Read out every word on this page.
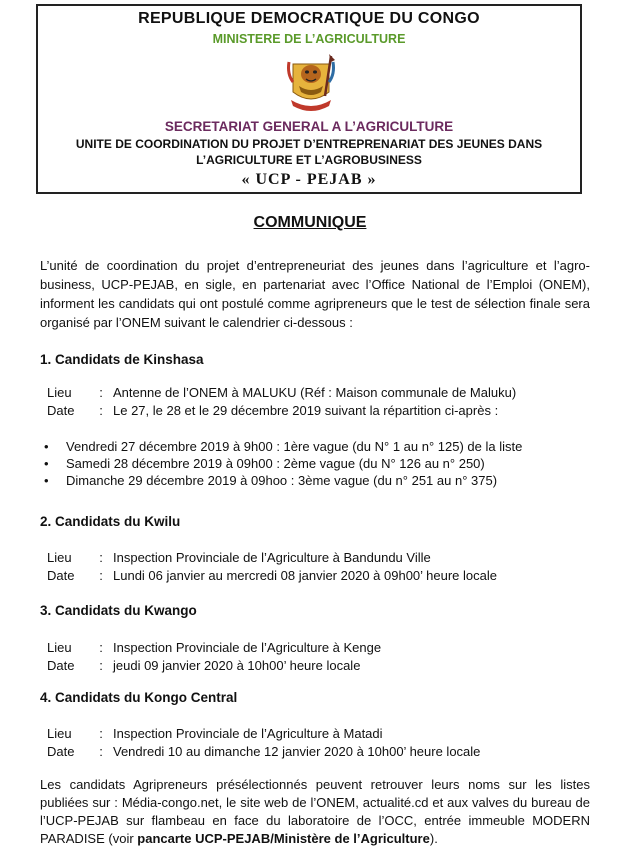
REPUBLIQUE DEMOCRATIQUE DU CONGO
MINISTERE DE L’AGRICULTURE
SECRETARIAT GENERAL A L’AGRICULTURE
UNITE DE COORDINATION DU PROJET D’ENTREPRENARIAT DES JEUNES DANS
L’AGRICULTURE ET L’AGROBUSINESS
« UCP - PEJAB »
COMMUNIQUE

L’unité de coordination du projet d’entrepreneuriat des jeunes dans l’agriculture et l’agro-business, UCP-PEJAB, en sigle, en partenariat avec l’Office National de l’Emploi (ONEM), informent les candidats qui ont postulé comme agripreneurs que le test de sélection finale sera organisé par l’ONEM suivant le calendrier ci-dessous :

1. Candidats de Kinshasa
Lieu : Antenne de l’ONEM à MALUKU (Réf : Maison communale de Maluku)
Date : Le 27, le 28 et le 29 décembre 2019 suivant la répartition ci-après :
• Vendredi 27 décembre 2019 à 9h00 : 1ère vague (du N° 1 au n° 125) de la liste
• Samedi 28 décembre 2019 à 09h00 : 2ème vague (du N° 126 au n° 250)
• Dimanche 29 décembre 2019 à 09hoo : 3ème vague (du n° 251 au n° 375)
2. Candidats du Kwilu
Lieu : Inspection Provinciale de l’Agriculture à Bandundu Ville
Date : Lundi 06 janvier au mercredi 08 janvier 2020 à 09h00’ heure locale
3. Candidats du Kwango
Lieu : Inspection Provinciale de l’Agriculture à Kenge
Date : jeudi 09 janvier 2020 à 10h00’ heure locale
4. Candidats du Kongo Central
Lieu : Inspection Provinciale de l’Agriculture à Matadi
Date : Vendredi 10 au dimanche 12 janvier 2020 à 10h00’ heure locale

Les candidats Agripreneurs présélectionnés peuvent retrouver leurs noms sur les listes publiées sur : Média-congo.net, le site web de l’ONEM, actualité.cd et aux valves du bureau de l’UCP-PEJAB sur flambeau en face du laboratoire de l’OCC, entrée immeuble MODERN PARADISE (voir pancarte UCP-PEJAB/Ministère de l’Agriculture).
